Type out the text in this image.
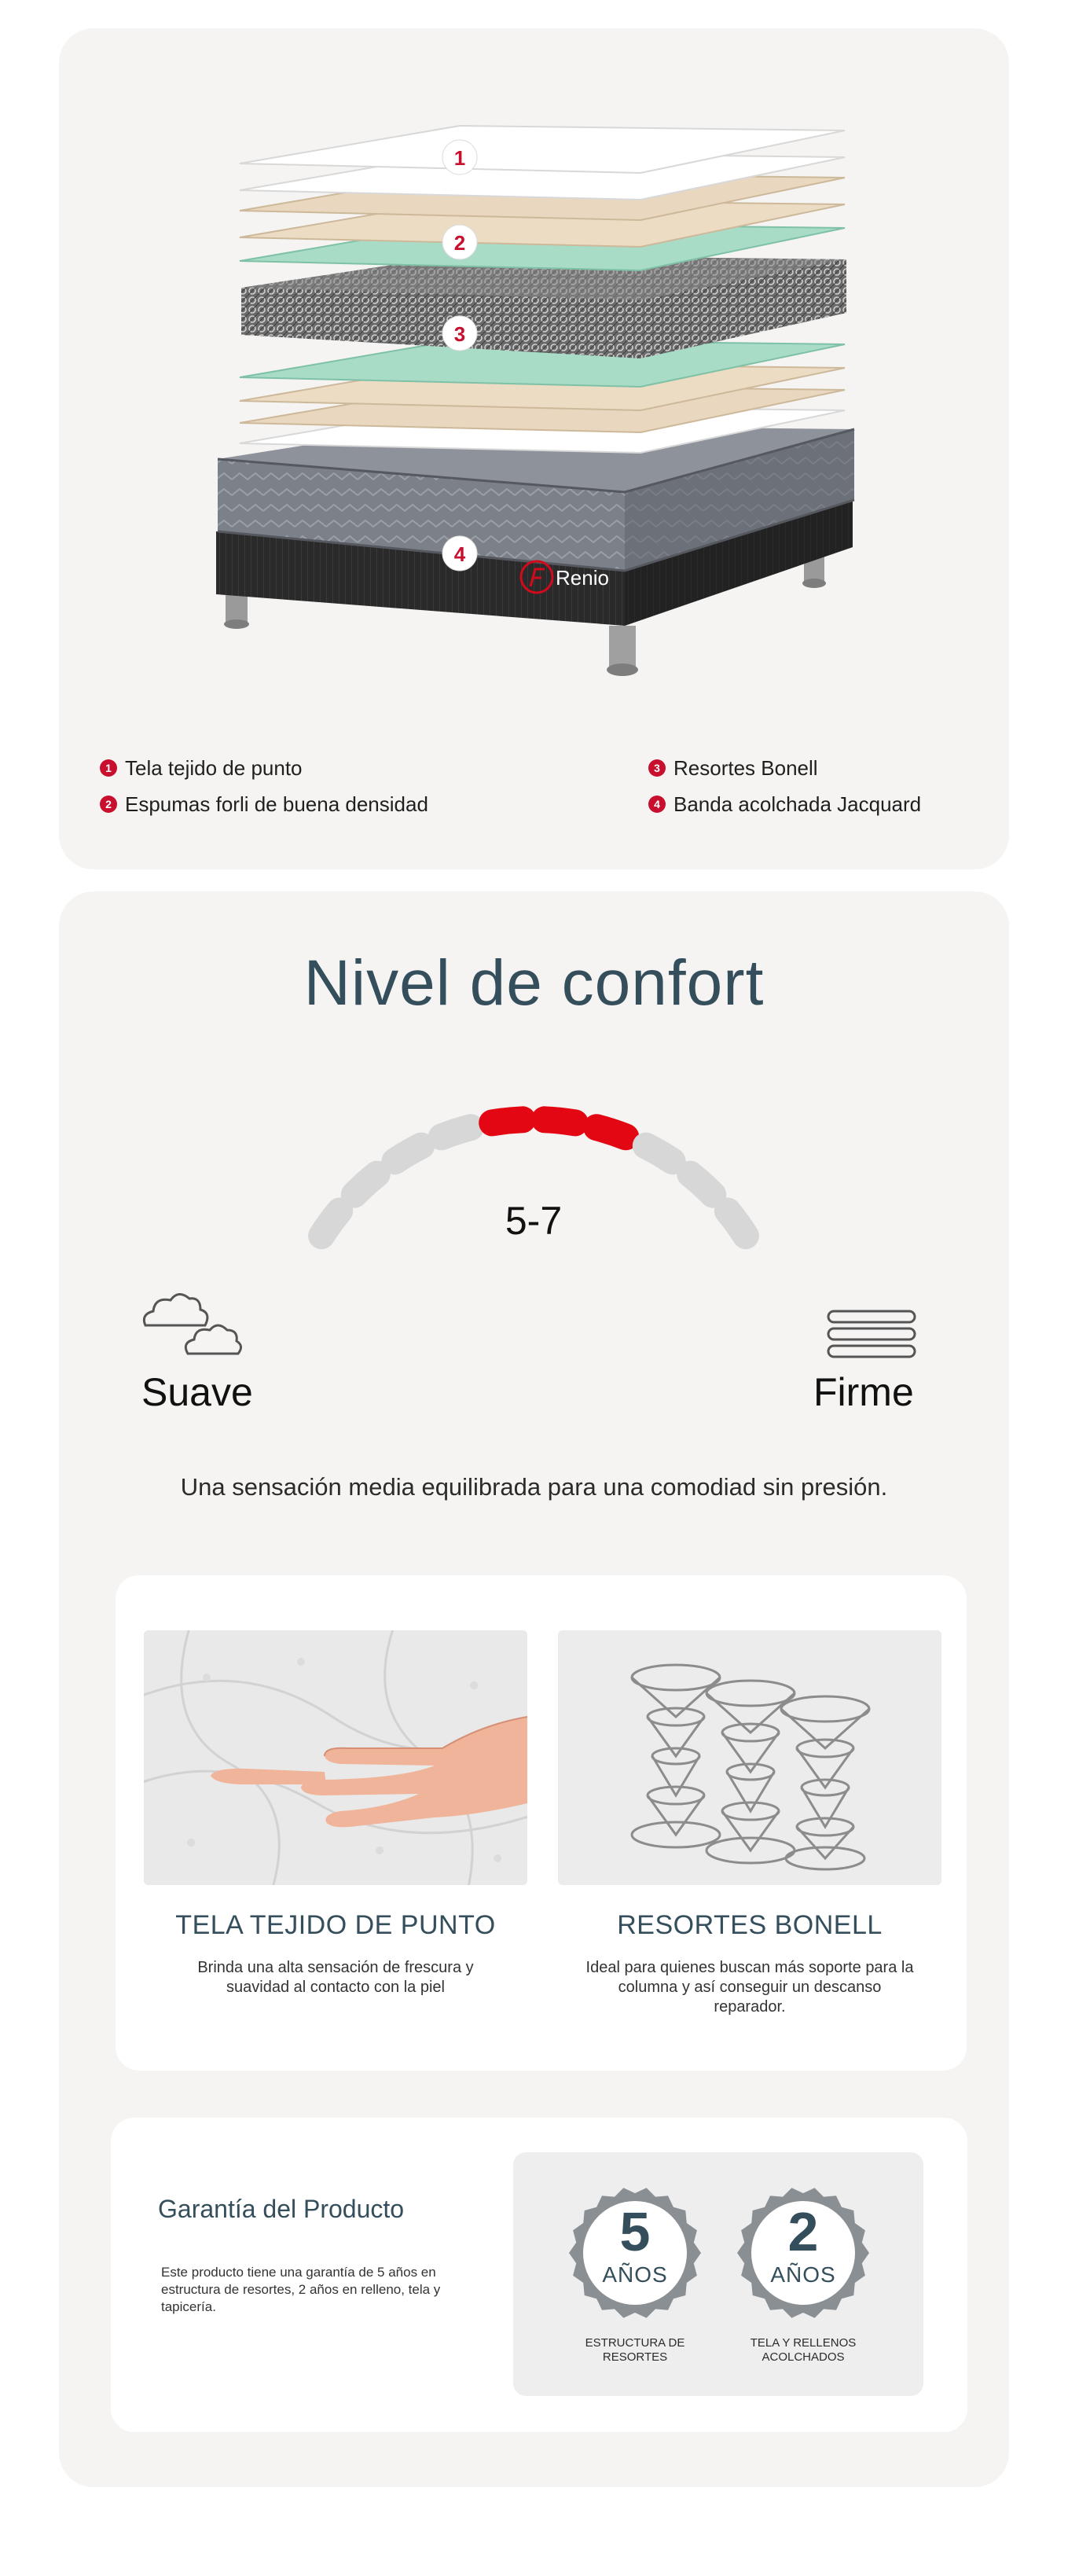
Renio
1
2
3
4
1 Tela tejido de punto
2 Espumas forli de buena densidad
3 Resortes Bonell
4 Banda acolchada Jacquard
Nivel de confort
5-7
Suave	Firme
Una sensación media equilibrada para una comodiad sin presión.
TELA TEJIDO DE PUNTO
Brinda una alta sensación de frescura y suavidad al contacto con la piel
RESORTES BONELL
Ideal para quienes buscan más soporte para la columna y así conseguir un descanso reparador.
Garantía del Producto
Este producto tiene una garantía de 5 años en estructura de resortes, 2 años en relleno, tela y tapicería.
5
AÑOS
ESTRUCTURA DE RESORTES
2
AÑOS
TELA Y RELLENOS ACOLCHADOS
